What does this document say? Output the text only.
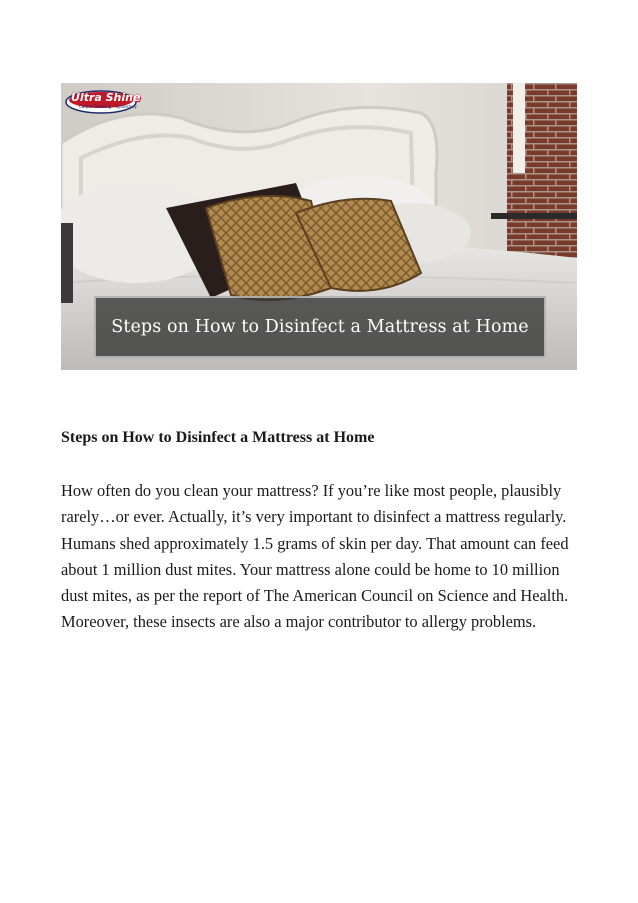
Ultra Shine
Carpet Cleaning · Upholstery
Steps on How to Disinfect a Mattress at Home
Steps on How to Disinfect a Mattress at Home

How often do you clean your mattress? If you’re like most people, plausibly rarely…or ever. Actually, it’s very important to disinfect a mattress regularly. Humans shed approximately 1.5 grams of skin per day. That amount can feed about 1 million dust mites. Your mattress alone could be home to 10 million dust mites, as per the report of The American Council on Science and Health. Moreover, these insects are also a major contributor to allergy problems.
